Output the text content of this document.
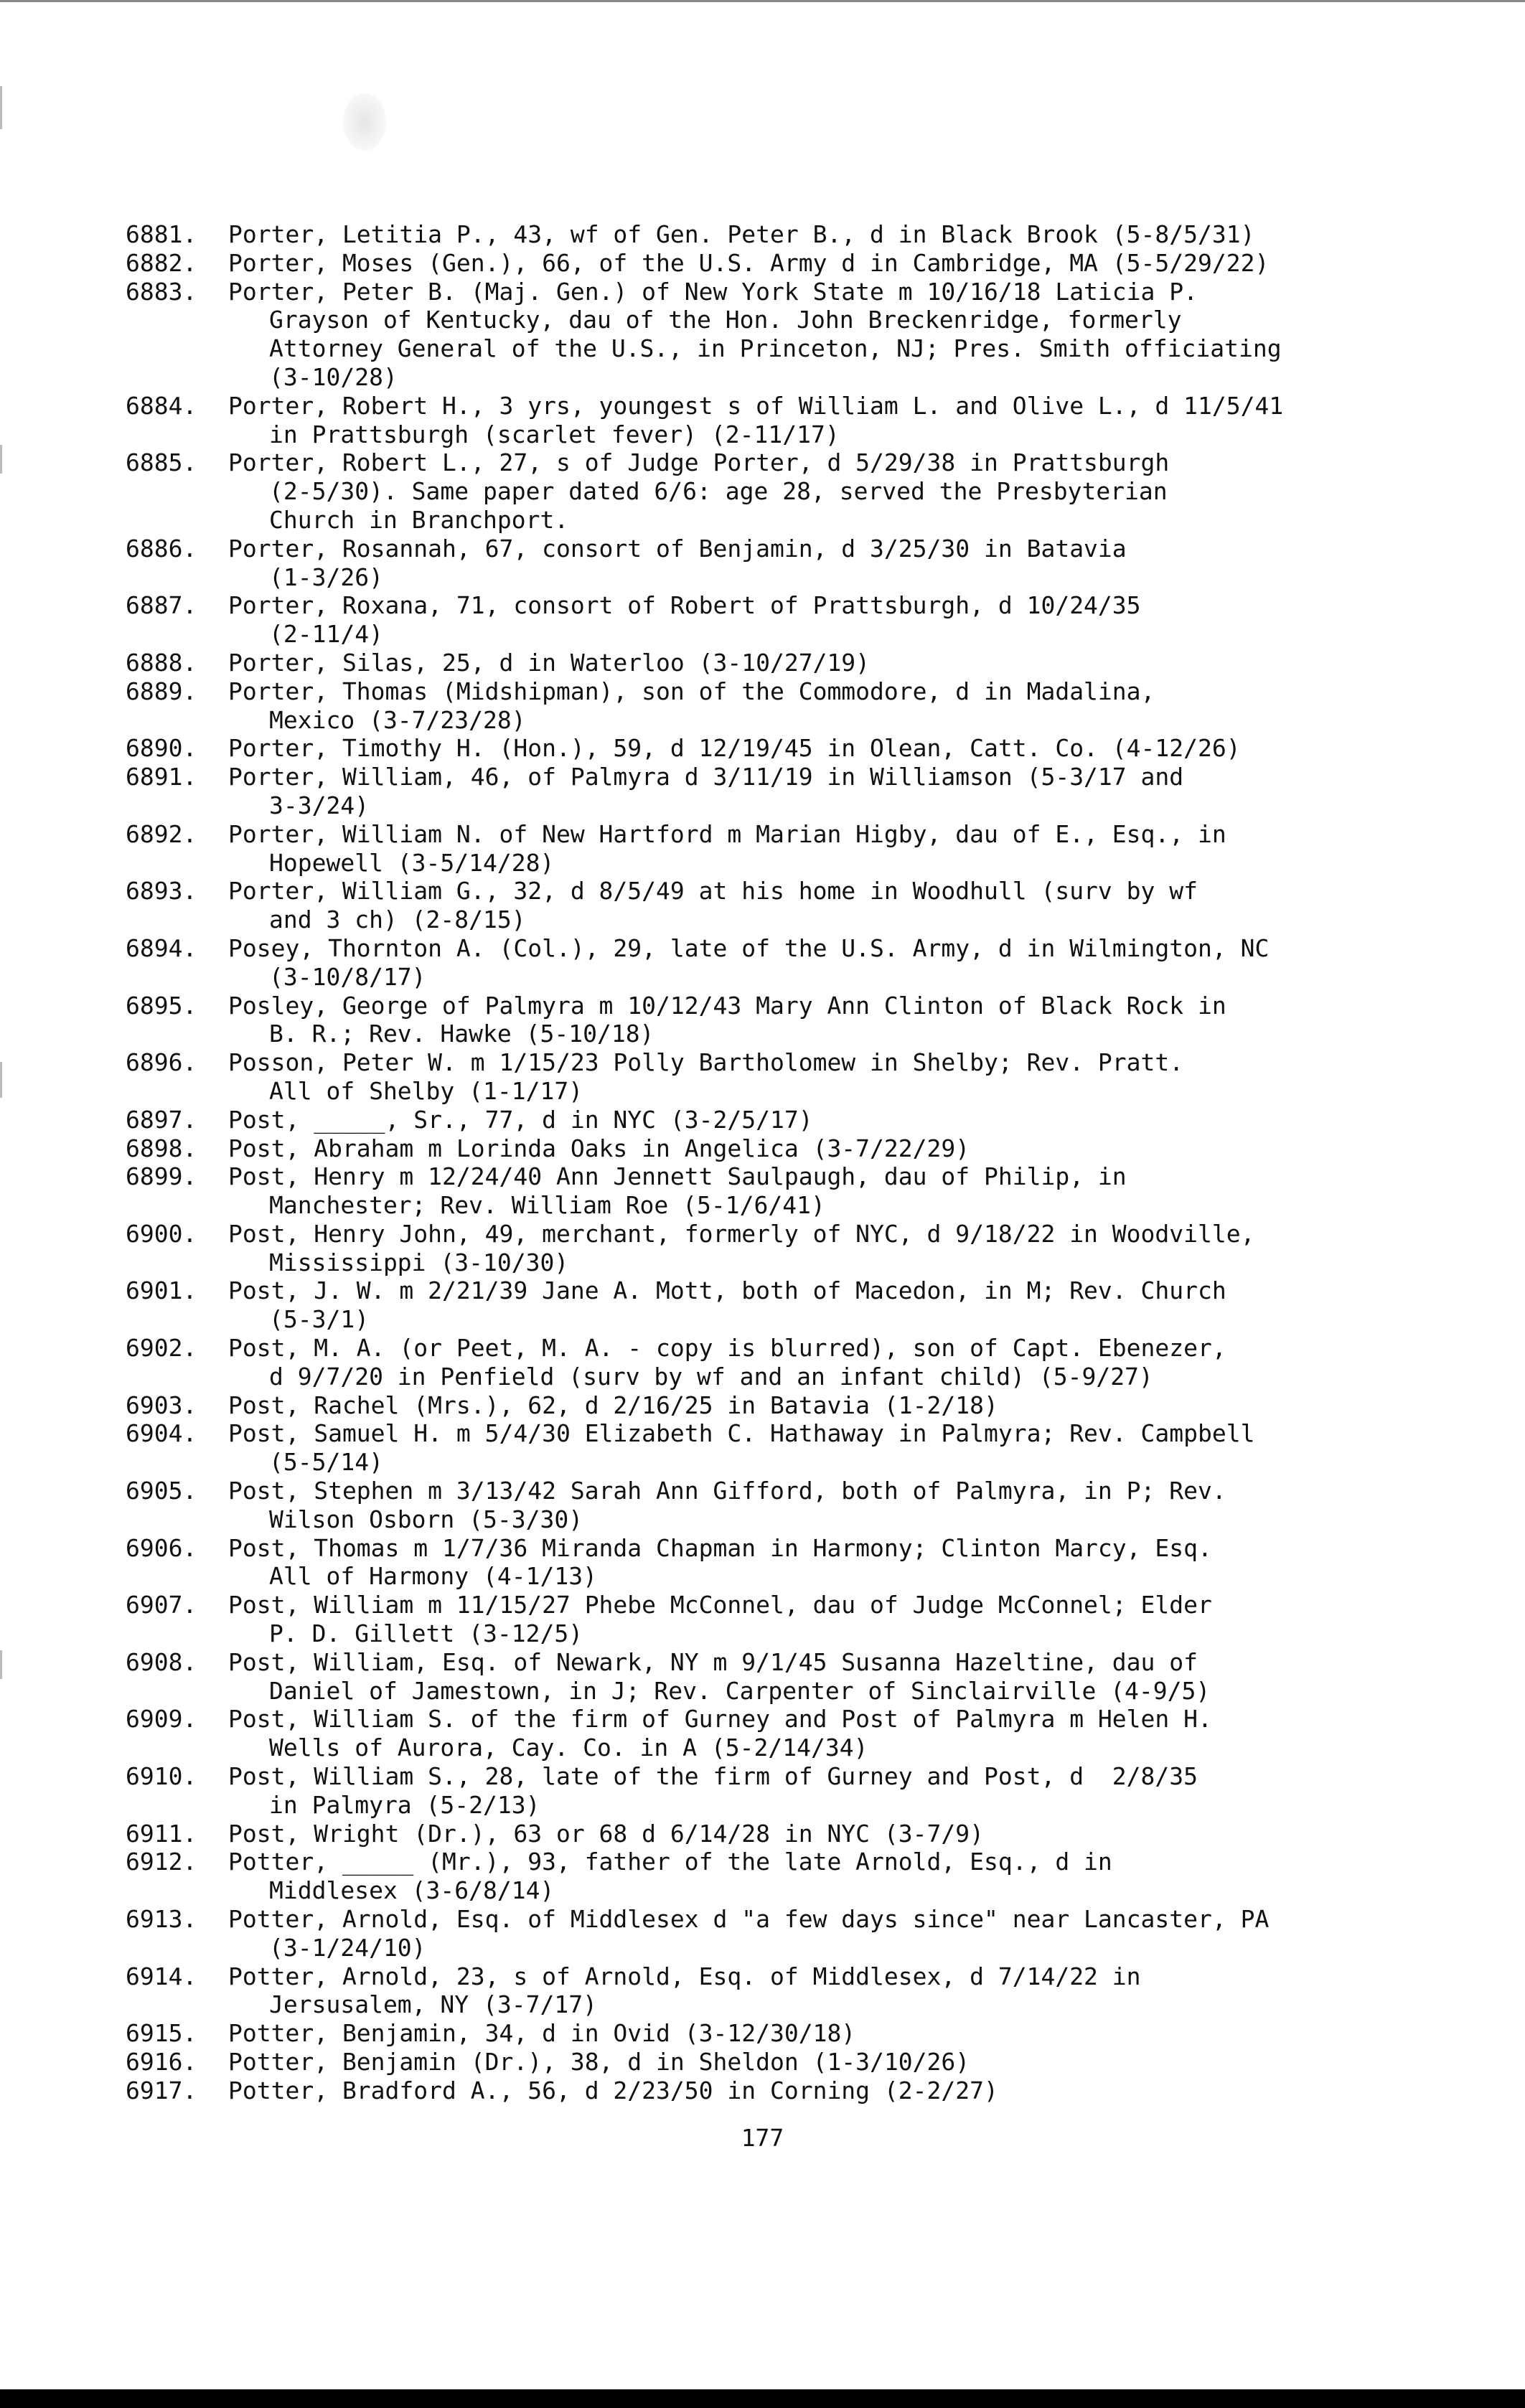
6881.	Porter, Letitia P., 43, wf of Gen. Peter B., d in Black Brook (5-8/5/31)
6882.	Porter, Moses (Gen.), 66, of the U.S. Army d in Cambridge, MA (5-5/29/22)
6883.	Porter, Peter B. (Maj. Gen.) of New York State m 10/16/18 Laticia P.
Grayson of Kentucky, dau of the Hon. John Breckenridge, formerly
Attorney General of the U.S., in Princeton, NJ; Pres. Smith officiating
(3-10/28)
6884.	Porter, Robert H., 3 yrs, youngest s of William L. and Olive L., d 11/5/41
in Prattsburgh (scarlet fever) (2-11/17)
6885.	Porter, Robert L., 27, s of Judge Porter, d 5/29/38 in Prattsburgh
(2-5/30). Same paper dated 6/6: age 28, served the Presbyterian
Church in Branchport.
6886.	Porter, Rosannah, 67, consort of Benjamin, d 3/25/30 in Batavia
(1-3/26)
6887.	Porter, Roxana, 71, consort of Robert of Prattsburgh, d 10/24/35
(2-11/4)
6888.	Porter, Silas, 25, d in Waterloo (3-10/27/19)
6889.	Porter, Thomas (Midshipman), son of the Commodore, d in Madalina,
Mexico (3-7/23/28)
6890.	Porter, Timothy H. (Hon.), 59, d 12/19/45 in Olean, Catt. Co. (4-12/26)
6891.	Porter, William, 46, of Palmyra d 3/11/19 in Williamson (5-3/17 and
3-3/24)
6892.	Porter, William N. of New Hartford m Marian Higby, dau of E., Esq., in
Hopewell (3-5/14/28)
6893.	Porter, William G., 32, d 8/5/49 at his home in Woodhull (surv by wf
and 3 ch) (2-8/15)
6894.	Posey, Thornton A. (Col.), 29, late of the U.S. Army, d in Wilmington, NC
(3-10/8/17)
6895.	Posley, George of Palmyra m 10/12/43 Mary Ann Clinton of Black Rock in
B. R.; Rev. Hawke (5-10/18)
6896.	Posson, Peter W. m 1/15/23 Polly Bartholomew in Shelby; Rev. Pratt.
All of Shelby (1-1/17)
6897.	Post, _____, Sr., 77, d in NYC (3-2/5/17)
6898.	Post, Abraham m Lorinda Oaks in Angelica (3-7/22/29)
6899.	Post, Henry m 12/24/40 Ann Jennett Saulpaugh, dau of Philip, in
Manchester; Rev. William Roe (5-1/6/41)
6900.	Post, Henry John, 49, merchant, formerly of NYC, d 9/18/22 in Woodville,
Mississippi (3-10/30)
6901.	Post, J. W. m 2/21/39 Jane A. Mott, both of Macedon, in M; Rev. Church
(5-3/1)
6902.	Post, M. A. (or Peet, M. A. - copy is blurred), son of Capt. Ebenezer,
d 9/7/20 in Penfield (surv by wf and an infant child) (5-9/27)
6903.	Post, Rachel (Mrs.), 62, d 2/16/25 in Batavia (1-2/18)
6904.	Post, Samuel H. m 5/4/30 Elizabeth C. Hathaway in Palmyra; Rev. Campbell
(5-5/14)
6905.	Post, Stephen m 3/13/42 Sarah Ann Gifford, both of Palmyra, in P; Rev.
Wilson Osborn (5-3/30)
6906.	Post, Thomas m 1/7/36 Miranda Chapman in Harmony; Clinton Marcy, Esq.
All of Harmony (4-1/13)
6907.	Post, William m 11/15/27 Phebe McConnel, dau of Judge McConnel; Elder
P. D. Gillett (3-12/5)
6908.	Post, William, Esq. of Newark, NY m 9/1/45 Susanna Hazeltine, dau of
Daniel of Jamestown, in J; Rev. Carpenter of Sinclairville (4-9/5)
6909.	Post, William S. of the firm of Gurney and Post of Palmyra m Helen H.
Wells of Aurora, Cay. Co. in A (5-2/14/34)
6910.	Post, William S., 28, late of the firm of Gurney and Post, d  2/8/35
in Palmyra (5-2/13)
6911.	Post, Wright (Dr.), 63 or 68 d 6/14/28 in NYC (3-7/9)
6912.	Potter, _____ (Mr.), 93, father of the late Arnold, Esq., d in
Middlesex (3-6/8/14)
6913.	Potter, Arnold, Esq. of Middlesex d "a few days since" near Lancaster, PA
(3-1/24/10)
6914.	Potter, Arnold, 23, s of Arnold, Esq. of Middlesex, d 7/14/22 in
Jersusalem, NY (3-7/17)
6915.	Potter, Benjamin, 34, d in Ovid (3-12/30/18)
6916.	Potter, Benjamin (Dr.), 38, d in Sheldon (1-3/10/26)
6917.	Potter, Bradford A., 56, d 2/23/50 in Corning (2-2/27)
177
